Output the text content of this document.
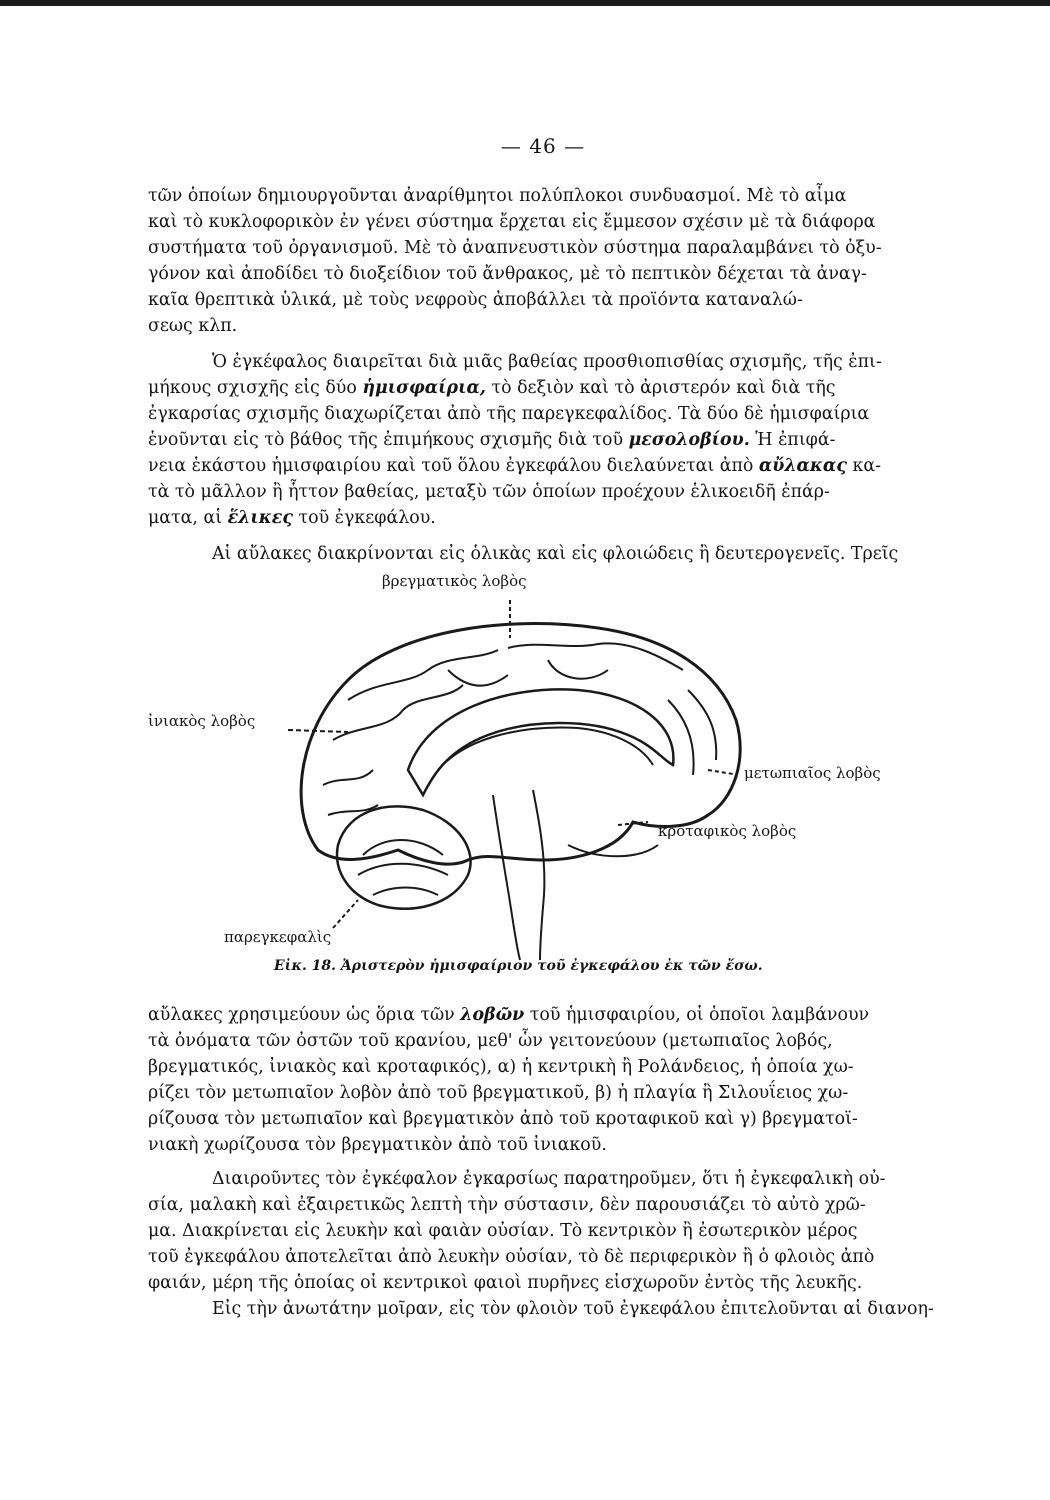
— 46 —
τῶν ὁποίων δημιουργοῦνται ἀναρίθμητοι πολύπλοκοι συνδυασμοί. Μὲ τὸ αἷμα
καὶ τὸ κυκλοφορικὸν ἐν γένει σύστημα ἔρχεται εἰς ἔμμεσον σχέσιν μὲ τὰ διάφορα
συστήματα τοῦ ὀργανισμοῦ. Μὲ τὸ ἀναπνευστικὸν σύστημα παραλαμβάνει τὸ ὀξυ-
γόνον καὶ ἀποδίδει τὸ διοξείδιον τοῦ ἄνθρακος, μὲ τὸ πεπτικὸν δέχεται τὰ ἀναγ-
καῖα θρεπτικὰ ὑλικά, μὲ τοὺς νεφροὺς ἀποβάλλει τὰ προϊόντα καταναλώ-
σεως κλπ.
Ὁ ἐγκέφαλος διαιρεῖται διὰ μιᾶς βαθείας προσθιοπισθίας σχισμῆς, τῆς ἐπι-
μήκους σχισχῆς εἰς δύο ἡμισφαίρια, τὸ δεξιὸν καὶ τὸ ἀριστερόν καὶ διὰ τῆς
ἐγκαρσίας σχισμῆς διαχωρίζεται ἀπὸ τῆς παρεγκεφαλίδος. Τὰ δύο δὲ ἡμισφαίρια
ἑνοῦνται εἰς τὸ βάθος τῆς ἐπιμήκους σχισμῆς διὰ τοῦ μεσολοβίου. Ἡ ἐπιφά-
νεια ἑκάστου ἡμισφαιρίου καὶ τοῦ ὅλου ἐγκεφάλου διελαύνεται ἀπὸ αὔλακας κα-
τὰ τὸ μᾶλλον ἢ ἧττον βαθείας, μεταξὺ τῶν ὁποίων προέχουν ἑλικοειδῆ ἐπάρ-
ματα, αἱ ἕλικες τοῦ ἐγκεφάλου.
Αἱ αὔλακες διακρίνονται εἰς ὁλικὰς καὶ εἰς φλοιώδεις ἢ δευτερογενεῖς. Τρεῖς
βρεγματικὸς λοβὸς
ἰνιακὸς λοβὸς
μετωπιαῖος λοβὸς
κροταφικὸς λοβὸς
παρεγκεφαλὶς
Εἰκ. 18. Ἀριστερὸν ἡμισφαίριον τοῦ ἐγκεφάλου ἐκ τῶν ἔσω.
αὔλακες χρησιμεύουν ὡς ὅρια τῶν λοβῶν τοῦ ἡμισφαιρίου, οἱ ὁποῖοι λαμβάνουν
τὰ ὀνόματα τῶν ὀστῶν τοῦ κρανίου, μεθ' ὧν γειτονεύουν (μετωπιαῖος λοβός,
βρεγματικός, ἰνιακὸς καὶ κροταφικός), α) ἡ κεντρικὴ ἢ Ρολάνδειος, ἡ ὁποία χω-
ρίζει τὸν μετωπιαῖον λοβὸν ἀπὸ τοῦ βρεγματικοῦ, β) ἡ πλαγία ἢ Σιλουΐειος χω-
ρίζουσα τὸν μετωπιαῖον καὶ βρεγματικὸν ἀπὸ τοῦ κροταφικοῦ καὶ γ) βρεγματοϊ-
νιακὴ χωρίζουσα τὸν βρεγματικὸν ἀπὸ τοῦ ἰνιακοῦ.
Διαιροῦντες τὸν ἐγκέφαλον ἐγκαρσίως παρατηροῦμεν, ὅτι ἡ ἐγκεφαλικὴ οὐ-
σία, μαλακὴ καὶ ἐξαιρετικῶς λεπτὴ τὴν σύστασιν, δὲν παρουσιάζει τὸ αὐτὸ χρῶ-
μα. Διακρίνεται εἰς λευκὴν καὶ φαιὰν οὐσίαν. Τὸ κεντρικὸν ἢ ἐσωτερικὸν μέρος
τοῦ ἐγκεφάλου ἀποτελεῖται ἀπὸ λευκὴν οὐσίαν, τὸ δὲ περιφερικὸν ἢ ὁ φλοιὸς ἀπὸ
φαιάν, μέρη τῆς ὁποίας οἱ κεντρικοὶ φαιοὶ πυρῆνες εἰσχωροῦν ἐντὸς τῆς λευκῆς.
Εἰς τὴν ἀνωτάτην μοῖραν, εἰς τὸν φλοιὸν τοῦ ἐγκεφάλου ἐπιτελοῦνται αἱ διανοη-
